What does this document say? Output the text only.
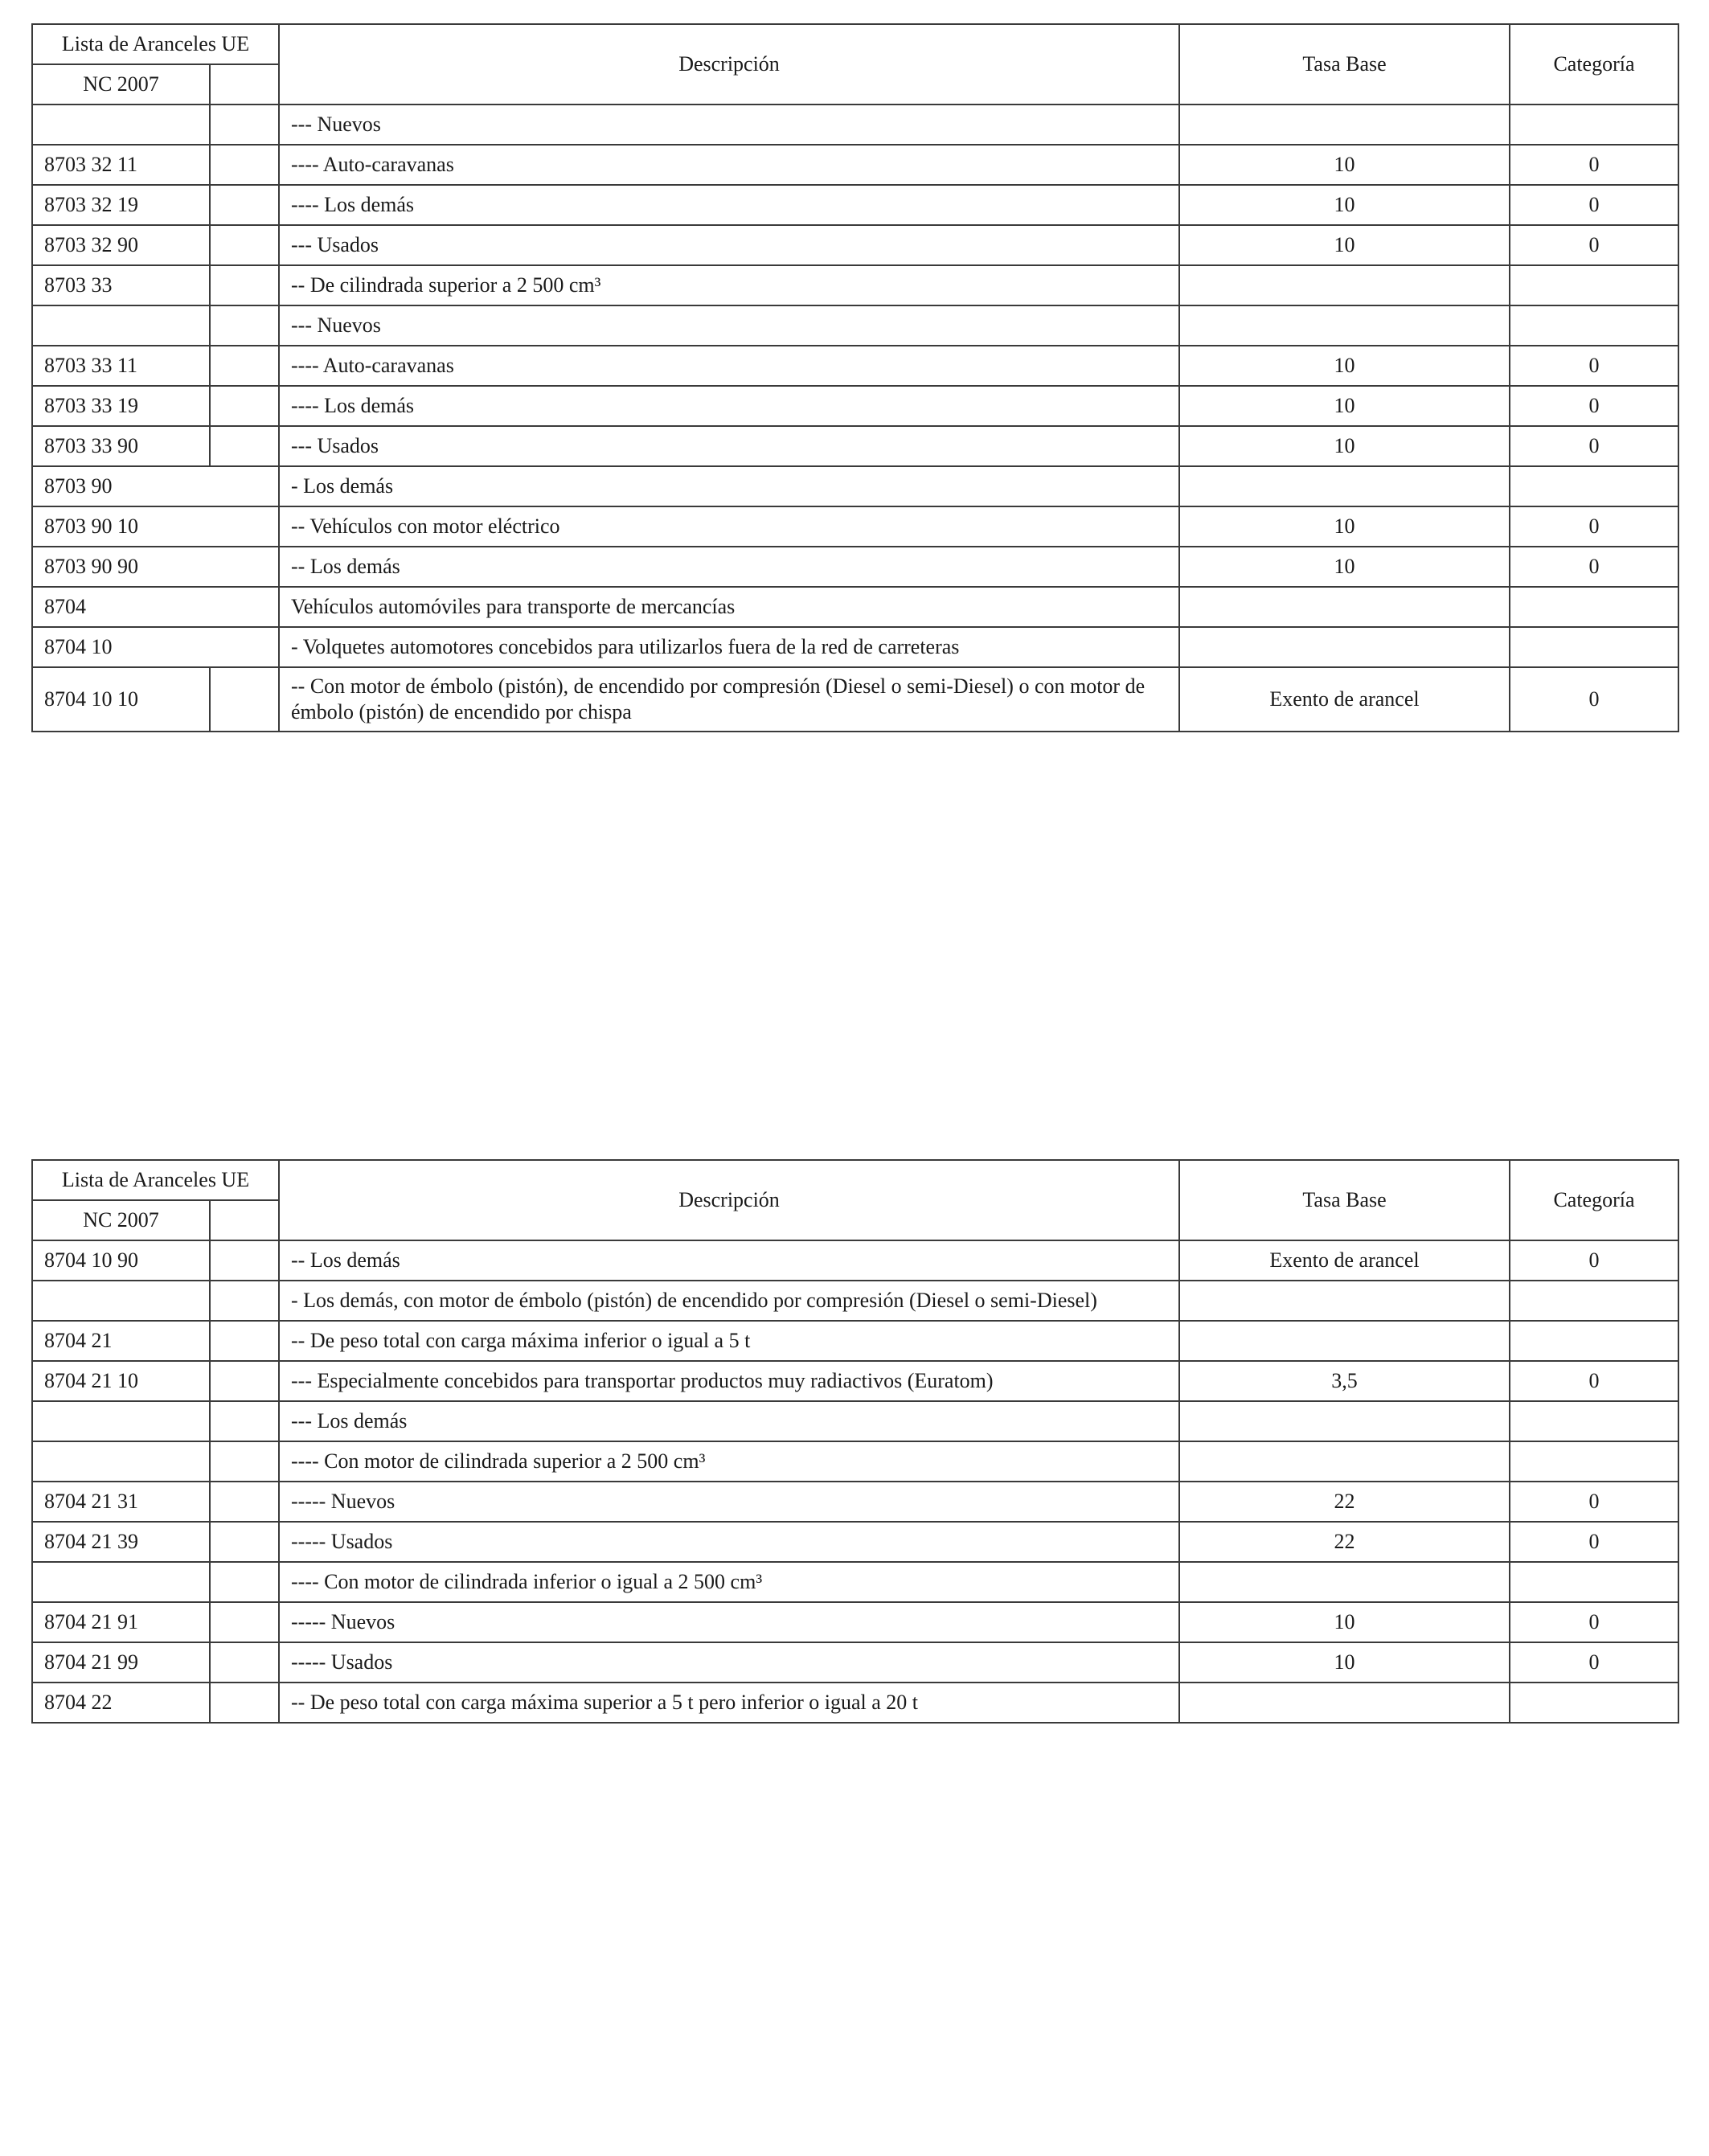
Lista de Aranceles UE		Descripción	Tasa Base	Categoría
NC 2007				
		--- Nuevos		
8703 32 11		---- Auto-caravanas	10	0
8703 32 19		---- Los demás	10	0
8703 32 90		--- Usados	10	0
8703 33		-- De cilindrada superior a 2 500 cm³		
		--- Nuevos		
8703 33 11		---- Auto-caravanas	10	0
8703 33 19		---- Los demás	10	0
8703 33 90		--- Usados	10	0
8703 90		- Los demás		
8703 90 10		-- Vehículos con motor eléctrico	10	0
8703 90 90		-- Los demás	10	0
8704		Vehículos automóviles para transporte de mercancías		
8704 10		- Volquetes automotores concebidos para utilizarlos fuera de la red de carreteras		
8704 10 10		-- Con motor de émbolo (pistón), de encendido por compresión (Diesel o semi-Diesel) o con motor de émbolo (pistón) de encendido por chispa	Exento de arancel	0
Lista de Aranceles UE		Descripción	Tasa Base	Categoría
NC 2007				
8704 10 90		-- Los demás	Exento de arancel	0
		- Los demás, con motor de émbolo (pistón) de encendido por compresión (Diesel o semi-Diesel)		
8704 21		-- De peso total con carga máxima inferior o igual a 5 t		
8704 21 10		--- Especialmente concebidos para transportar productos muy radiactivos (Euratom)	3,5	0
		--- Los demás		
		---- Con motor de cilindrada superior a 2 500 cm³		
8704 21 31		----- Nuevos	22	0
8704 21 39		----- Usados	22	0
		---- Con motor de cilindrada inferior o igual a 2 500 cm³		
8704 21 91		----- Nuevos	10	0
8704 21 99		----- Usados	10	0
8704 22		-- De peso total con carga máxima superior a 5 t pero inferior o igual a 20 t		
